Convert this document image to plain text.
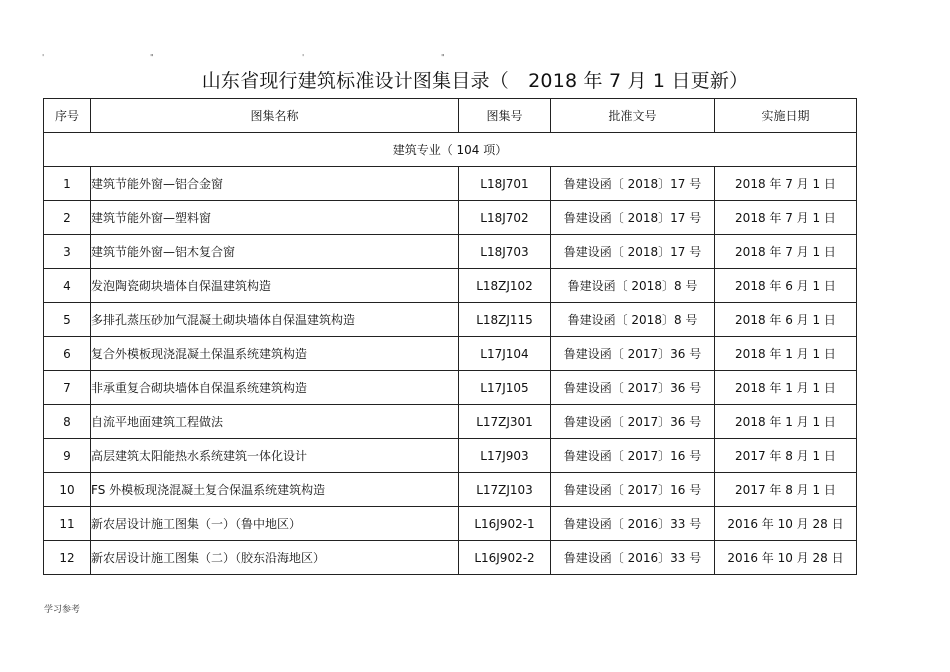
'	"	'	"
山东省现行建筑标准设计图集目录（　2018 年 7 月 1 日更新）
序号	图集名称	图集号	批准文号	实施日期
建筑专业（ 104 项）				
1	建筑节能外窗—铝合金窗	L18J701	鲁建设函〔 2018〕17 号	2018 年 7 月 1 日
2	建筑节能外窗—塑料窗	L18J702	鲁建设函〔 2018〕17 号	2018 年 7 月 1 日
3	建筑节能外窗—铝木复合窗	L18J703	鲁建设函〔 2018〕17 号	2018 年 7 月 1 日
4	发泡陶瓷砌块墙体自保温建筑构造	L18ZJ102	鲁建设函〔 2018〕8 号	2018 年 6 月 1 日
5	多排孔蒸压砂加气混凝土砌块墙体自保温建筑构造	L18ZJ115	鲁建设函〔 2018〕8 号	2018 年 6 月 1 日
6	复合外模板现浇混凝土保温系统建筑构造	L17J104	鲁建设函〔 2017〕36 号	2018 年 1 月 1 日
7	非承重复合砌块墙体自保温系统建筑构造	L17J105	鲁建设函〔 2017〕36 号	2018 年 1 月 1 日
8	自流平地面建筑工程做法	L17ZJ301	鲁建设函〔 2017〕36 号	2018 年 1 月 1 日
9	高层建筑太阳能热水系统建筑一体化设计	L17J903	鲁建设函〔 2017〕16 号	2017 年 8 月 1 日
10	FS 外模板现浇混凝土复合保温系统建筑构造	L17ZJ103	鲁建设函〔 2017〕16 号	2017 年 8 月 1 日
11	新农居设计施工图集（一）（鲁中地区）	L16J902-1	鲁建设函〔 2016〕33 号	2016 年 10 月 28 日
12	新农居设计施工图集（二）（胶东沿海地区）	L16J902-2	鲁建设函〔 2016〕33 号	2016 年 10 月 28 日
学习参考
